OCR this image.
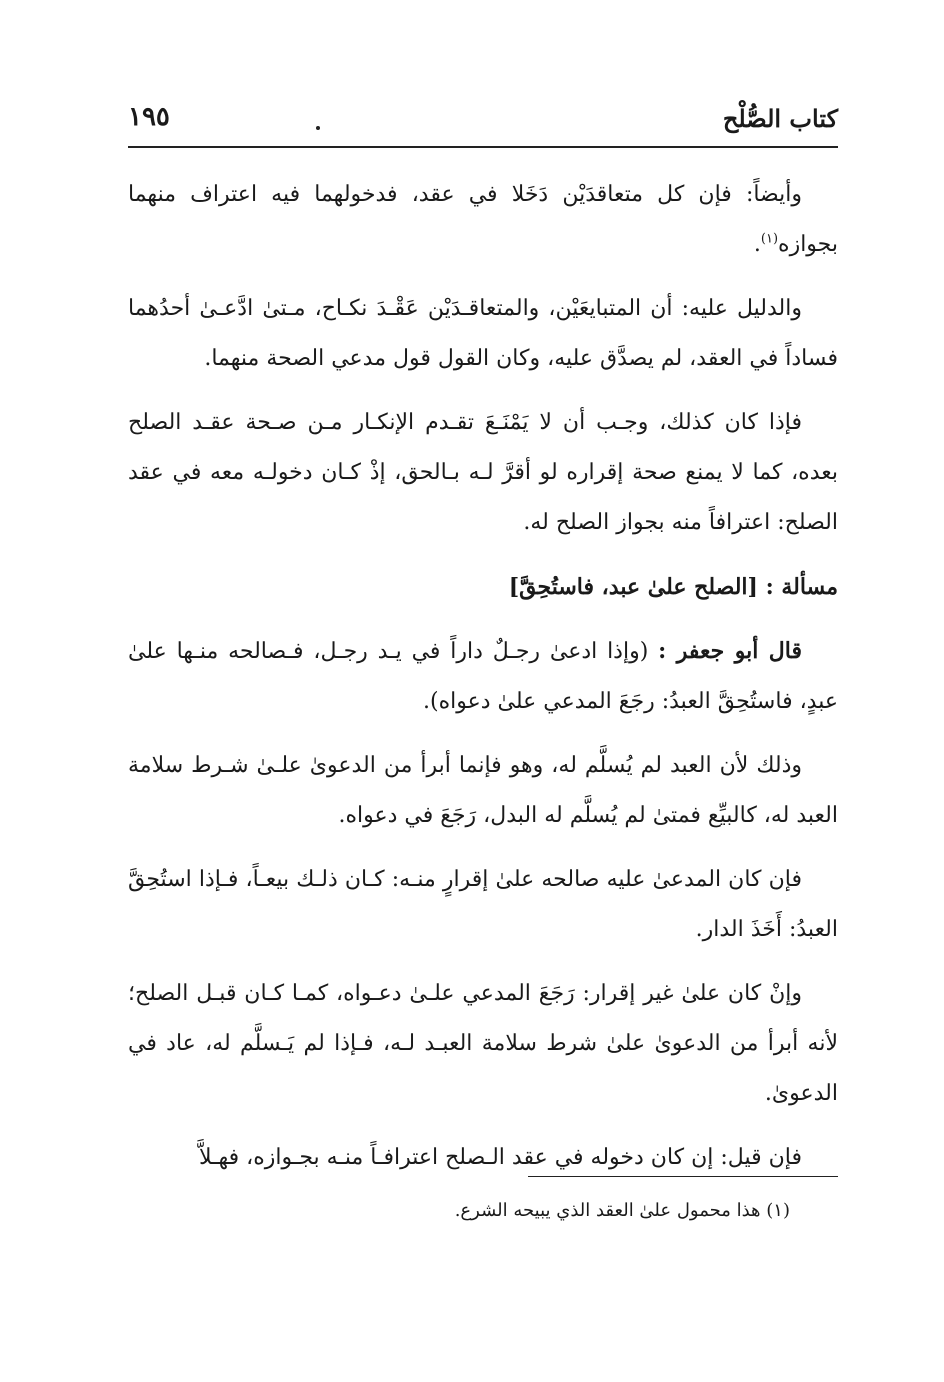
كتاب الصُّلْح
١٩٥

وأيضاً: فإن كل متعاقدَيْن دَخَلا في عقد، فدخولهما فيه اعتراف منهما بجوازه$^{(١)}$.

والدليل عليه: أن المتبايعَيْن، والمتعاقـدَيْن عَقْـدَ نكـاح، مـتىٰ ادَّعـىٰ أحدُهما فساداً في العقد، لم يصدَّق عليه، وكان القول قول مدعي الصحة منهما.

فإذا كان كذلك، وجـب أن لا يَمْنَـعَ تقـدم الإنكـار مـن صـحة عقـد الصلح بعده، كما لا يمنع صحة إقراره لو أقرَّ لـه بـالحق، إذْ كـان دخولـه معه في عقد الصلح: اعترافاً منه بجواز الصلح له.

مسألة : [الصلح علىٰ عبد، فاستُحِقَّ]

قال أبو جعفر : (وإذا ادعىٰ رجـلٌ داراً في يـد رجـل، فـصالحه منـها علىٰ عبدٍ، فاستُحِقَّ العبدُ: رجَعَ المدعي علىٰ دعواه).

وذلك لأن العبد لم يُسلَّم له، وهو فإنما أبرأ من الدعوىٰ علـىٰ شـرط سلامة العبد له، كالبيِّع فمتىٰ لم يُسلَّم له البدل، رَجَعَ في دعواه.

فإن كان المدعىٰ عليه صالحه علىٰ إقرارٍ منـه: كـان ذلـك بيعـاً، فـإذا استُحِقَّ العبدُ: أَخَذَ الدار.

وإنْ كان علىٰ غير إقرار: رَجَعَ المدعي علـىٰ دعـواه، كمـا كـان قبـل الصلح؛ لأنه أبرأ من الدعوىٰ علىٰ شرط سلامة العبـد لـه، فـإذا لم يَـسلَّم له، عاد في الدعوىٰ.

فإن قيل: إن كان دخوله في عقد الـصلح اعترافـاً منـه بجـوازه، فهـلاَّ

(١) هذا محمول علىٰ العقد الذي يبيحه الشرع.
